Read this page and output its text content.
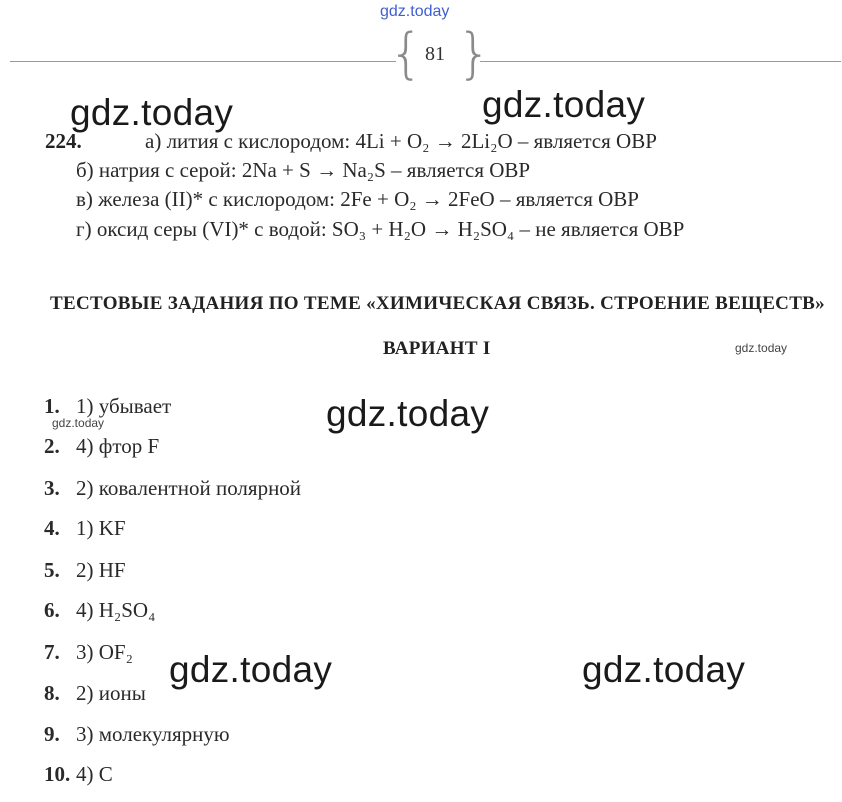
gdz.today
{ }
81
gdz.today	gdz.today
gdz.today
gdz.today	gdz.today
gdz.today
gdz.today
224.	а) лития с кислородом: 4Li + O₂ → 2Li₂O – является ОВР
б) натрия с серой: 2Na + S → Na₂S – является ОВР
в) железа (II)* с кислородом: 2Fe + O₂ → 2FeO – является ОВР
г) оксид серы (VI)* с водой: SO₃ + H₂O → H₂SO₄ – не является ОВР
ТЕСТОВЫЕ ЗАДАНИЯ ПО ТЕМЕ «ХИМИЧЕСКАЯ СВЯЗЬ. СТРОЕНИЕ ВЕЩЕСТВ»
ВАРИАНТ I
1. 1) убывает
2. 4) фтор F
3. 2) ковалентной полярной
4. 1) KF
5. 2) HF
6. 4) H₂SO₄
7. 3) OF₂
8. 2) ионы
9. 3) молекулярную
10. 4) C
